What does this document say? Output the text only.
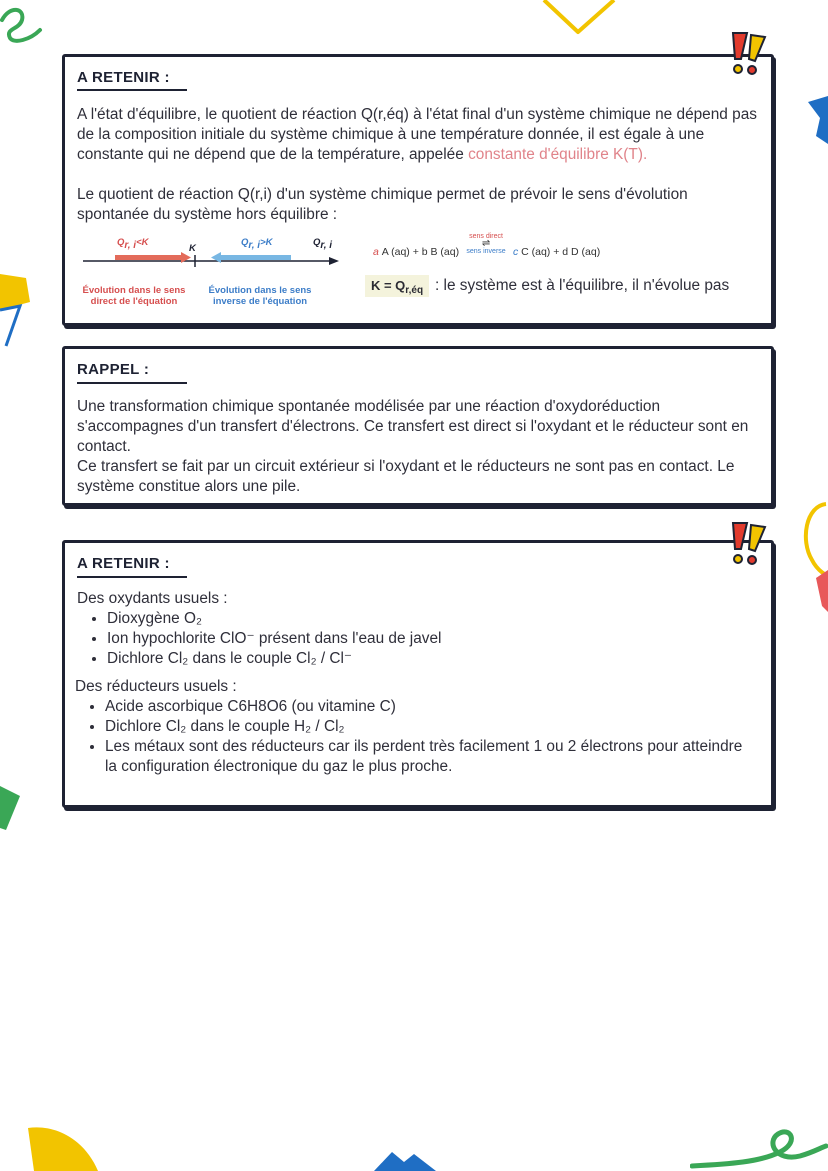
A RETENIR :
A l'état d'équilibre, le quotient de réaction Q(r,éq) à l'état final d'un système chimique ne dépend pas de la composition initiale du système chimique à une température donnée, il est égale à une constante qui ne dépend que de la température, appelée constante d'équilibre K(T).
Le quotient de réaction Q(r,i) d'un système chimique permet de prévoir le sens d'évolution spontanée du système hors équilibre :
Qr, i<K
K
Qr, i>K	Qr, i
Évolution dans le sens direct de l'équation
Évolution dans le sens inverse de l'équation
a A (aq) + b B (aq)
sens direct
⇌
sens inverse c C (aq) + d D (aq)
$K = Q_{r,éq}$ : le système est à l'équilibre, il n'évolue pas
RAPPEL :
Une transformation chimique spontanée modélisée par une réaction d'oxydoréduction s'accompagnes d'un transfert d'électrons. Ce transfert est direct si l'oxydant et le réducteur sont en contact.
Ce transfert se fait par un circuit extérieur si l'oxydant et le réducteurs ne sont pas en contact. Le système constitue alors une pile.
A RETENIR :
Des oxydants usuels :
• Dioxygène O₂
• Ion hypochlorite ClO⁻ présent dans l'eau de javel
• Dichlore Cl₂ dans le couple Cl₂ / Cl⁻
Des réducteurs usuels :
• Acide ascorbique C6H8O6 (ou vitamine C)
• Dichlore Cl₂ dans le couple H₂ / Cl₂
• Les métaux sont des réducteurs car ils perdent très facilement 1 ou 2 électrons pour atteindre la configuration électronique du gaz le plus proche.
